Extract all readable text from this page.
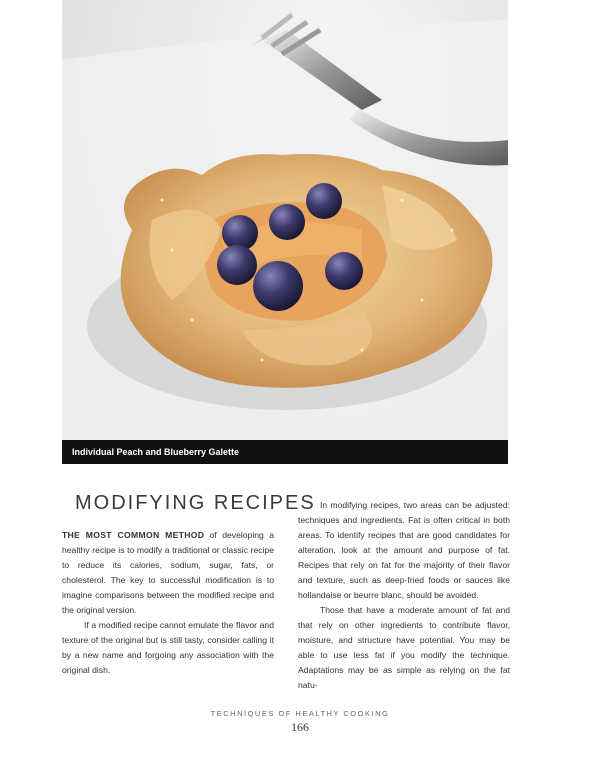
Individual Peach and Blueberry Galette
MODIFYING RECIPES

THE MOST COMMON METHOD of developing a healthy recipe is to modify a traditional or classic recipe to reduce its calories, sodium, sugar, fats, or cholesterol. The key to successful modification is to imagine comparisons between the modified recipe and the original version.

If a modified recipe cannot emulate the flavor and texture of the original but is still tasty, consider calling it by a new name and forgoing any association with the original dish.

In modifying recipes, two areas can be adjusted: techniques and ingredients. Fat is often critical in both areas. To identify recipes that are good candidates for alteration, look at the amount and purpose of fat. Recipes that rely on fat for the majority of their flavor and texture, such as deep-fried foods or sauces like hollandaise or beurre blanc, should be avoided.

Those that have a moderate amount of fat and that rely on other ingredients to contribute flavor, moisture, and structure have potential. You may be able to use less fat if you modify the technique. Adaptations may be as simple as relying on the fat natu-

TECHNIQUES OF HEALTHY COOKING
166
